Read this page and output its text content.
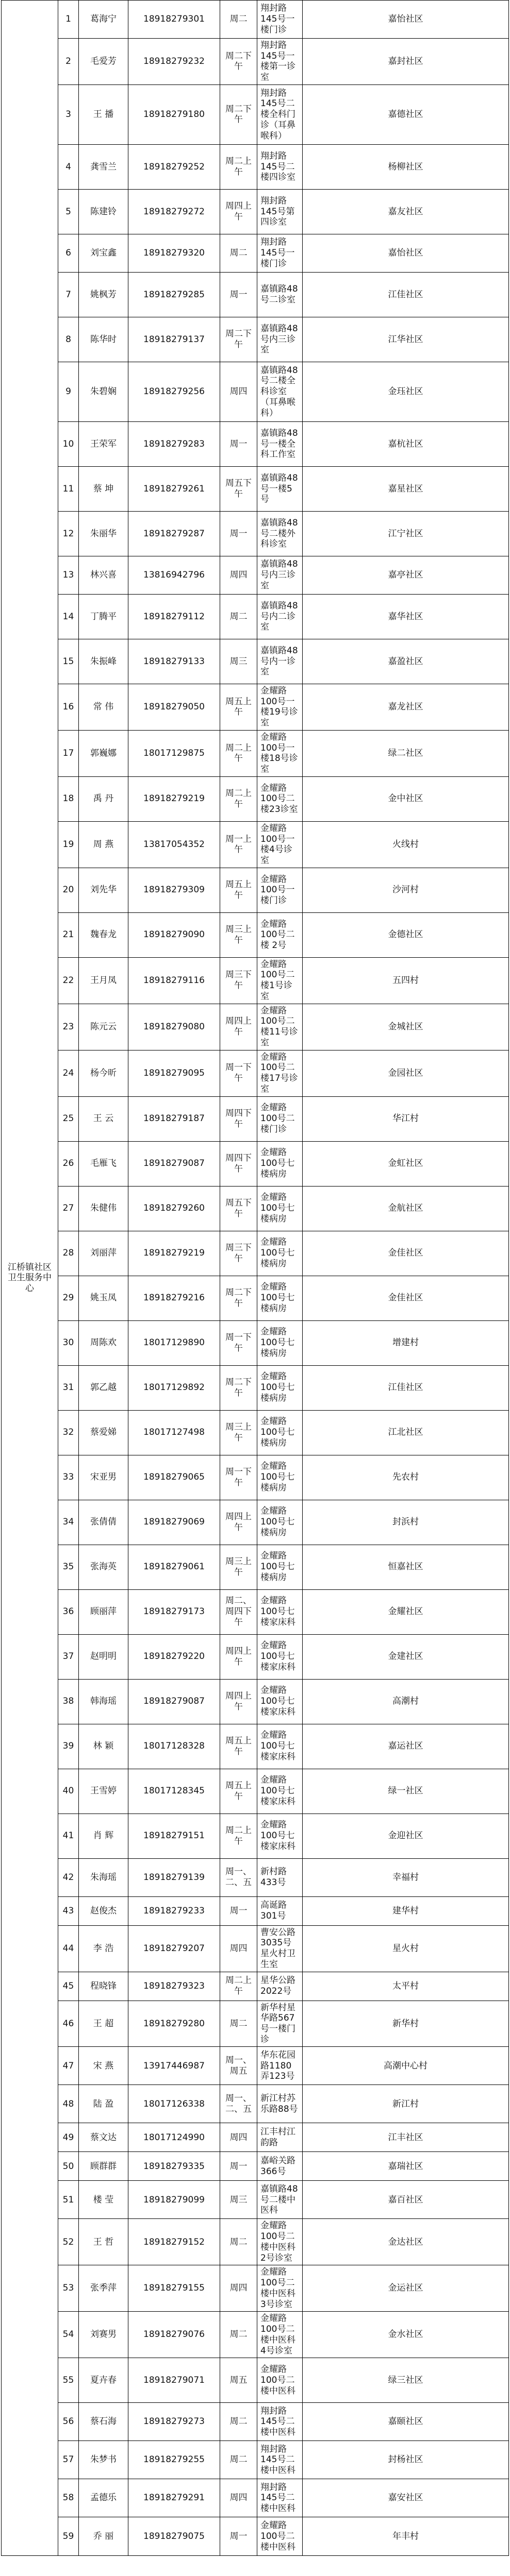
江桥镇社区卫生服务中心	1	葛海宁	18918279301	周二	翔封路145号一楼门诊	嘉怡社区
	2	毛爱芳	18918279232	周二下午	翔封路145号一楼第一诊室	嘉封社区
	3	王 播	18918279180	周二下午	翔封路145号二楼全科门诊（耳鼻喉科）	嘉德社区
	4	龚雪兰	18918279252	周二上午	翔封路145号二楼四诊室	杨柳社区
	5	陈建铃	18918279272	周四上午	翔封路145号第四诊室	嘉友社区
	6	刘宝鑫	18918279320	周二	翔封路145号一楼门诊	嘉怡社区
	7	姚枫芳	18918279285	周一	嘉镇路48号二诊室	江佳社区
	8	陈华时	18918279137	周二下午	嘉镇路48号内三诊室	江华社区
	9	朱碧娴	18918279256	周四	嘉镇路48号二楼全科诊室（耳鼻喉科）	金珏社区
	10	王荣军	18918279283	周一	嘉镇路48号一楼全科工作室	嘉杭社区
	11	蔡 坤	18918279261	周五下午	嘉镇路48号一楼5号	嘉星社区
	12	朱丽华	18918279287	周一	嘉镇路48号二楼外科诊室	江宁社区
	13	林兴喜	13816942796	周四	嘉镇路48号内三诊室	嘉亭社区
	14	丁腾平	18918279112	周二	嘉镇路48号内二诊室	嘉华社区
	15	朱振峰	18918279133	周三	嘉镇路48号内一诊室	嘉盈社区
	16	常 伟	18918279050	周五上午	金耀路100号一楼19号诊室	嘉龙社区
	17	郭巍娜	18017129875	周二上午	金耀路100号一楼18号诊室	绿二社区
	18	禹 丹	18918279219	周二上午	金耀路100号二楼23诊室	金中社区
	19	周 燕	13817054352	周一上午	金耀路100号一楼4号诊室	火线村
	20	刘先华	18918279309	周五上午	金耀路100号一楼门诊	沙河村
	21	魏春龙	18918279090	周三上午	金耀路100号二楼 2号	金德社区
	22	王月凤	18918279116	周三下午	金耀路100号二楼1号诊室	五四村
	23	陈元云	18918279080	周四上午	金耀路100号二楼11号诊室	金城社区
	24	杨今昕	18918279095	周一下午	金耀路100号二楼17号诊室	金园社区
	25	王 云	18918279187	周四下午	金耀路100号二楼门诊	华江村
	26	毛雁飞	18918279087	周四下午	金耀路100号七楼病房	金虹社区
	27	朱健伟	18918279260	周五下午	金耀路100号七楼病房	金航社区
	28	刘丽萍	18918279219	周三下午	金耀路100号七楼病房	金佳社区
	29	姚玉凤	18918279216	周二下午	金耀路100号七楼病房	金佳社区
	30	周陈欢	18017129890	周一下午	金耀路100号七楼病房	增建村
	31	郭乙越	18017129892	周二下午	金耀路100号七楼病房	江佳社区
	32	蔡爱娣	18017127498	周三上午	金耀路100号七楼病房	江北社区
	33	宋亚男	18918279065	周一下午	金耀路100号七楼病房	先农村
	34	张倩倩	18918279069	周四上午	金耀路100号七楼病房	封浜村
	35	张海英	18918279061	周三上午	金耀路100号七楼病房	恒嘉社区
	36	顾丽萍	18918279173	周二、周四下午	金耀路100号七楼家床科	金耀社区
	37	赵明明	18918279220	周四上午	金耀路100号七楼家床科	金建社区
	38	韩海瑶	18918279087	周四上午	金耀路100号七楼家床科	高潮村
	39	林 颖	18017128328	周五上午	金耀路100号七楼家床科	嘉运社区
	40	王雪婷	18017128345	周五上午	金耀路100号七楼家床科	绿一社区
	41	肖 辉	18918279151	周二上午	金耀路100号七楼家床科	金迎社区
	42	朱海瑶	18918279139	周一、二、五	新村路433号	幸福村
	43	赵俊杰	18918279233	周一	高诞路301号	建华村
	44	李 浩	18918279207	周四	曹安公路3035号星火村卫生室	星火村
	45	程晓锋	18918279323	周二上午	星华公路2022号	太平村
	46	王 超	18918279280	周二	新华村星华路567号一楼门诊	新华村
	47	宋 燕	13917446987	周一、周五	华东花园路1180弄123号	高潮中心村
	48	陆 盈	18017126338	周一、二、五	新江村苏乐路88号	新江村
	49	蔡文达	18017124990	周四	江丰村江韵路	江丰社区
	50	顾群群	18918279335	周一	嘉峪关路366号	嘉瑞社区
	51	楼 莹	18918279099	周三	嘉镇路48号二楼中医科	嘉百社区
	52	王 哲	18918279152	周二	金耀路100号二楼中医科2号诊室	金达社区
	53	张季萍	18918279155	周四	金耀路100号二楼中医科3号诊室	金运社区
	54	刘赛男	18918279076	周二	金耀路100号二楼中医科4号诊室	金水社区
	55	夏卉春	18918279071	周五	金耀路100号二楼中医科	绿三社区
	56	蔡石海	18918279273	周二	翔封路145号二楼中医科	嘉颐社区
	57	朱梦书	18918279255	周二	翔封路145号二楼中医科	封杨社区
	58	孟德乐	18918279291	周四	翔封路145号二楼中医科	嘉安社区
	59	乔 丽	18918279075	周一	金耀路100号二楼中医科	年丰村
